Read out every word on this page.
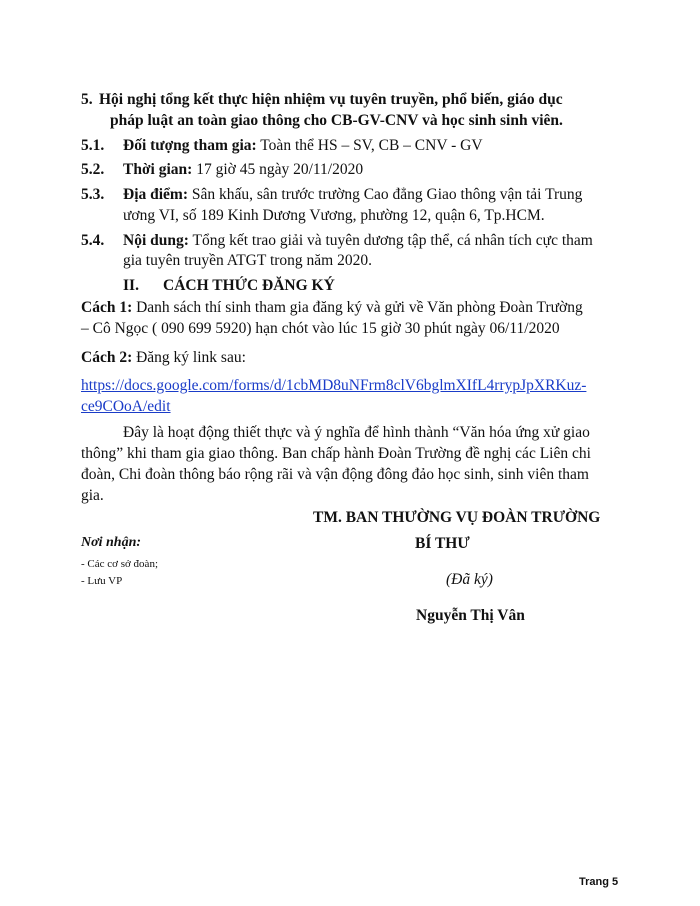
5. Hội nghị tổng kết thực hiện nhiệm vụ tuyên truyền, phổ biến, giáo dục
pháp luật an toàn giao thông cho CB-GV-CNV và học sinh sinh viên.
5.1. Đối tượng tham gia: Toàn thể HS – SV, CB – CNV - GV
5.2. Thời gian: 17 giờ 45 ngày 20/11/2020
5.3. Địa điểm: Sân khấu, sân trước trường Cao đẳng Giao thông vận tải Trung
ương VI, số 189 Kinh Dương Vương, phường 12, quận 6, Tp.HCM.
5.4. Nội dung: Tổng kết trao giải và tuyên dương tập thể, cá nhân tích cực tham
gia tuyên truyền ATGT trong năm 2020.
II. CÁCH THỨC ĐĂNG KÝ
Cách 1: Danh sách thí sinh tham gia đăng ký và gửi về Văn phòng Đoàn Trường
– Cô Ngọc ( 090 699 5920) hạn chót vào lúc 15 giờ 30 phút ngày 06/11/2020
Cách 2: Đăng ký link sau:
https://docs.google.com/forms/d/1cbMD8uNFrm8clV6bglmXIfL4rrypJpXRKuz-
ce9COoA/edit
Đây là hoạt động thiết thực và ý nghĩa để hình thành “Văn hóa ứng xử giao
thông” khi tham gia giao thông. Ban chấp hành Đoàn Trường đề nghị các Liên chi
đoàn, Chi đoàn thông báo rộng rãi và vận động đông đảo học sinh, sinh viên tham
gia.
TM. BAN THƯỜNG VỤ ĐOÀN TRƯỜNG
BÍ THƯ
(Đã ký)
Nguyễn Thị Vân
Nơi nhận:
- Các cơ sở đoàn;
- Lưu VP
Trang 5
